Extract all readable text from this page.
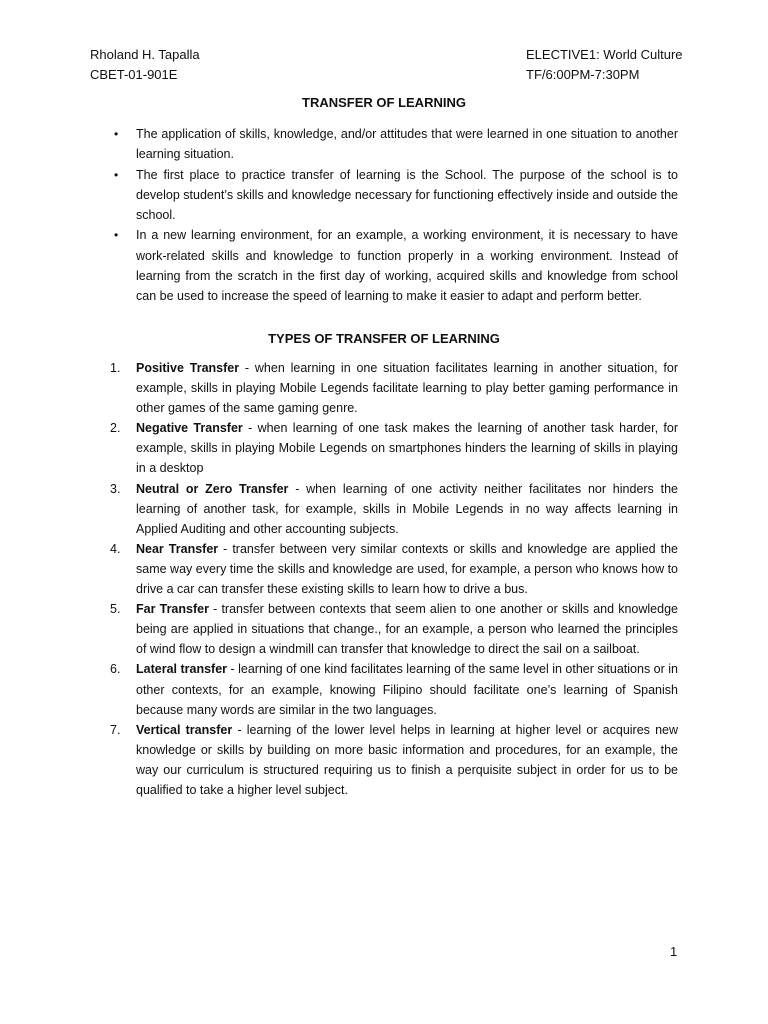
Rholand H. Tapalla
CBET-01-901E
ELECTIVE1: World Culture
TF/6:00PM-7:30PM
TRANSFER OF LEARNING
• The application of skills, knowledge, and/or attitudes that were learned in one situation to another learning situation.
• The first place to practice transfer of learning is the School. The purpose of the school is to develop student’s skills and knowledge necessary for functioning effectively inside and outside the school.
• In a new learning environment, for an example, a working environment, it is necessary to have work-related skills and knowledge to function properly in a working environment. Instead of learning from the scratch in the first day of working, acquired skills and knowledge from school can be used to increase the speed of learning to make it easier to adapt and perform better.
TYPES OF TRANSFER OF LEARNING
1. Positive Transfer - when learning in one situation facilitates learning in another situation, for example, skills in playing Mobile Legends facilitate learning to play better gaming performance in other games of the same gaming genre.
2. Negative Transfer - when learning of one task makes the learning of another task harder, for example, skills in playing Mobile Legends on smartphones hinders the learning of skills in playing in a desktop
3. Neutral or Zero Transfer - when learning of one activity neither facilitates nor hinders the learning of another task, for example, skills in Mobile Legends in no way affects learning in Applied Auditing and other accounting subjects.
4. Near Transfer - transfer between very similar contexts or skills and knowledge are applied the same way every time the skills and knowledge are used, for example, a person who knows how to drive a car can transfer these existing skills to learn how to drive a bus.
5. Far Transfer - transfer between contexts that seem alien to one another or skills and knowledge being are applied in situations that change., for an example, a person who learned the principles of wind flow to design a windmill can transfer that knowledge to direct the sail on a sailboat.
6. Lateral transfer - learning of one kind facilitates learning of the same level in other situations or in other contexts, for an example, knowing Filipino should facilitate one’s learning of Spanish because many words are similar in the two languages.
7. Vertical transfer - learning of the lower level helps in learning at higher level or acquires new knowledge or skills by building on more basic information and procedures, for an example, the way our curriculum is structured requiring us to finish a perquisite subject in order for us to be qualified to take a higher level subject.
1
